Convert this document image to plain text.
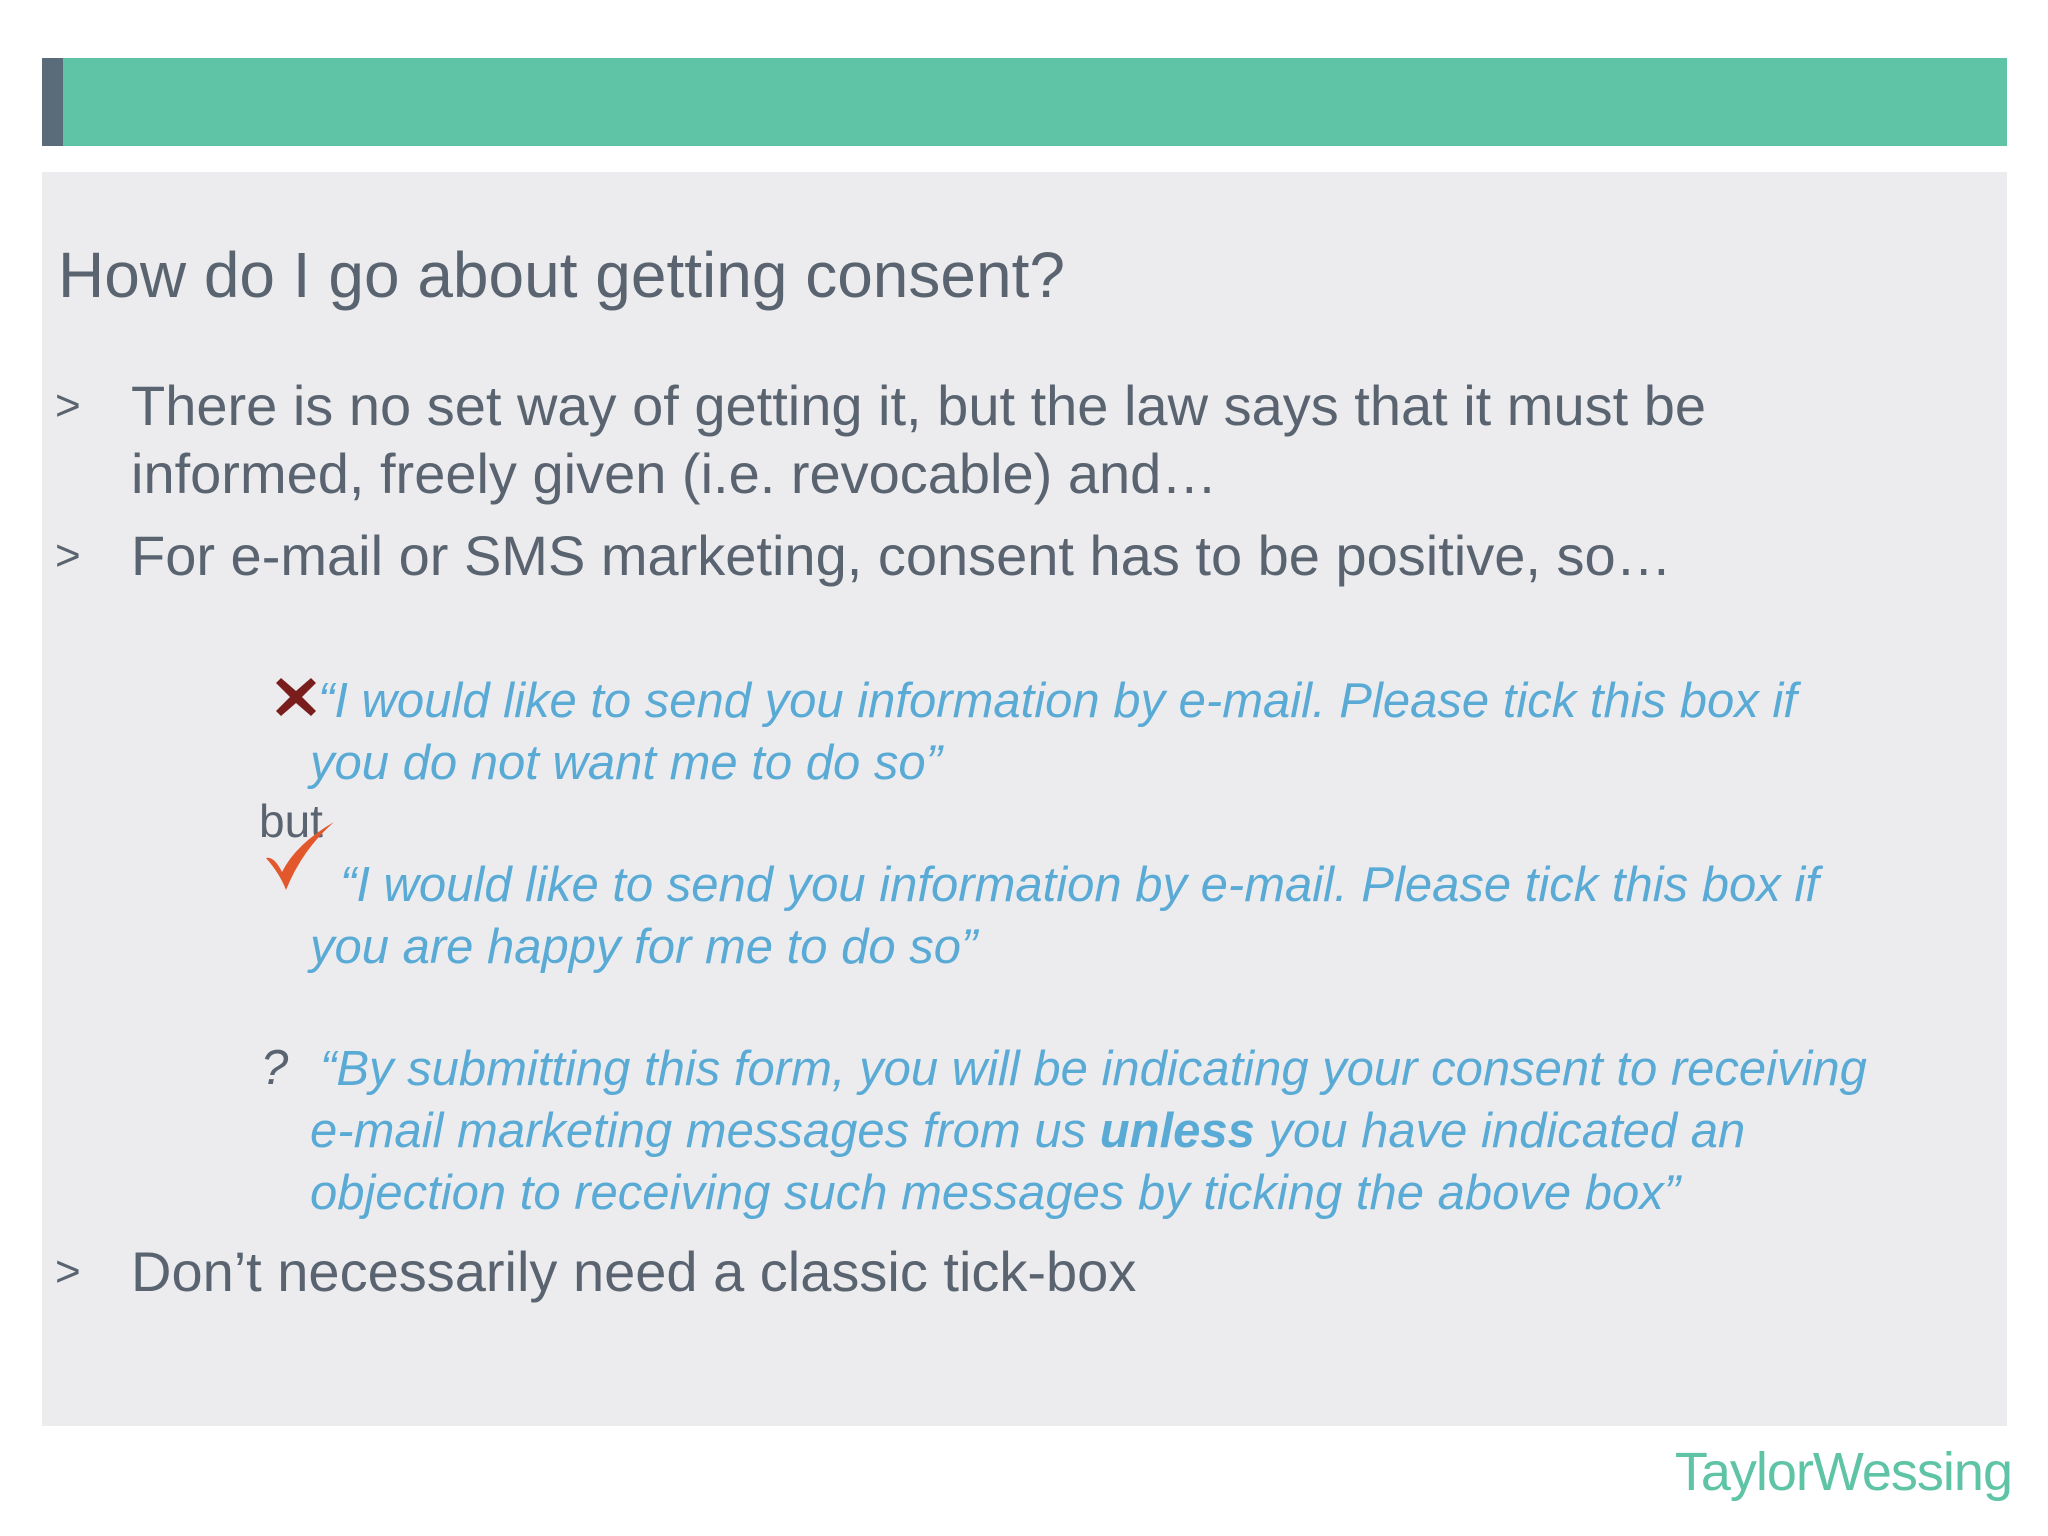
How do I go about getting consent?
> There is no set way of getting it, but the law says that it must be
informed, freely given (i.e. revocable) and…
> For e-mail or SMS marketing, consent has to be positive, so…
“I would like to send you information by e-mail. Please tick this box if
you do not want me to do so”
but
“I would like to send you information by e-mail. Please tick this box if
you are happy for me to do so”
? “By submitting this form, you will be indicating your consent to receiving
e-mail marketing messages from us unless you have indicated an
objection to receiving such messages by ticking the above box”
> Don’t necessarily need a classic tick-box
TaylorWessing
